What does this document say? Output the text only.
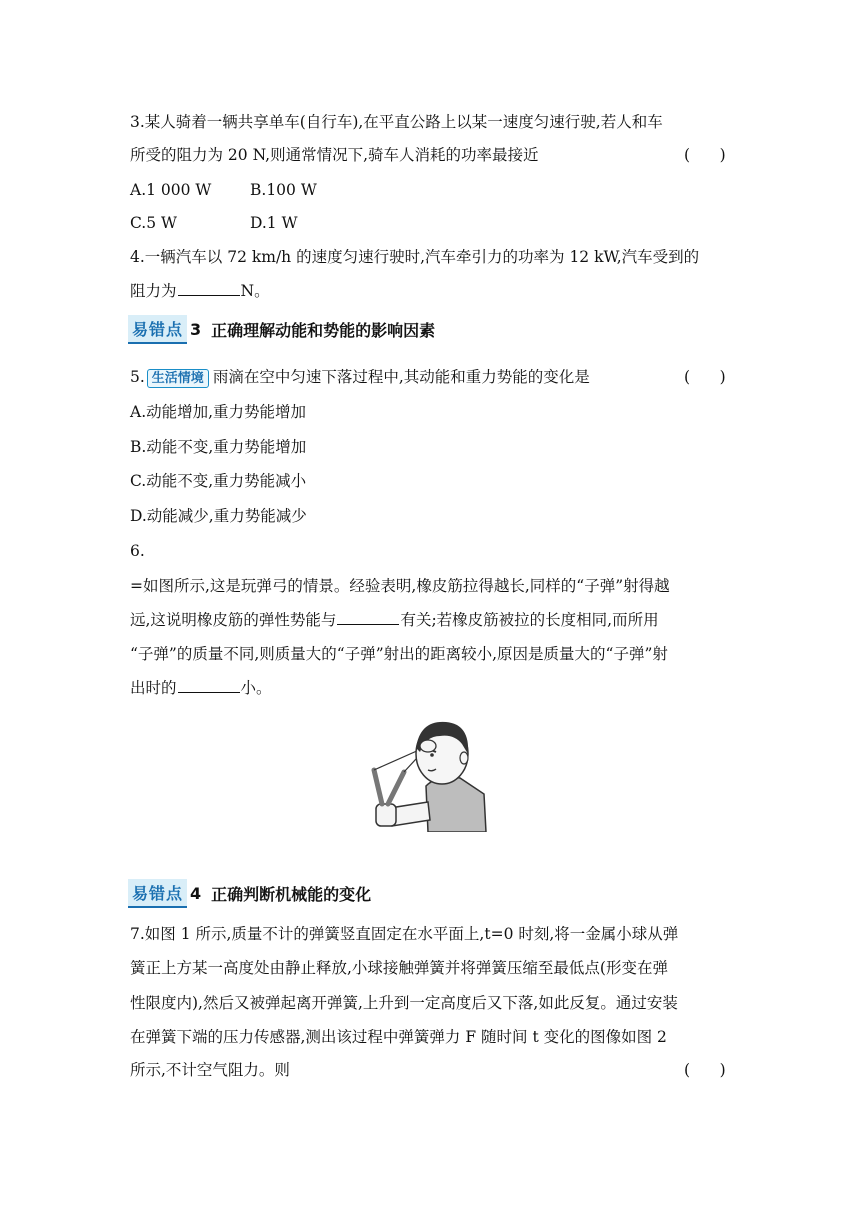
3.某人骑着一辆共享单车(自行车),在平直公路上以某一速度匀速行驶,若人和车
所受的阻力为 20 N,则通常情况下,骑车人消耗的功率最接近	(      )
A.1 000 W B.100 W
C.5 W	D.1 W
4.一辆汽车以 72 km/h 的速度匀速行驶时,汽车牵引力的功率为 12 kW,汽车受到的
阻力为	N。
易错点 3 正确理解动能和势能的影响因素
5. 生活情境 雨滴在空中匀速下落过程中,其动能和重力势能的变化是	(      )
A.动能增加,重力势能增加
B.动能不变,重力势能增加
C.动能不变,重力势能减小
D.动能减少,重力势能减少
6.
=如图所示,这是玩弹弓的情景。经验表明,橡皮筋拉得越长,同样的“子弹”射得越
远,这说明橡皮筋的弹性势能与	有关;若橡皮筋被拉的长度相同,而所用
“子弹”的质量不同,则质量大的“子弹”射出的距离较小,原因是质量大的“子弹”射
出时的	小。
易错点 4 正确判断机械能的变化
7.如图 1 所示,质量不计的弹簧竖直固定在水平面上,t=0 时刻,将一金属小球从弹
簧正上方某一高度处由静止释放,小球接触弹簧并将弹簧压缩至最低点(形变在弹
性限度内),然后又被弹起离开弹簧,上升到一定高度后又下落,如此反复。通过安装
在弹簧下端的压力传感器,测出该过程中弹簧弹力 F 随时间 t 变化的图像如图 2
所示,不计空气阻力。则	(      )
